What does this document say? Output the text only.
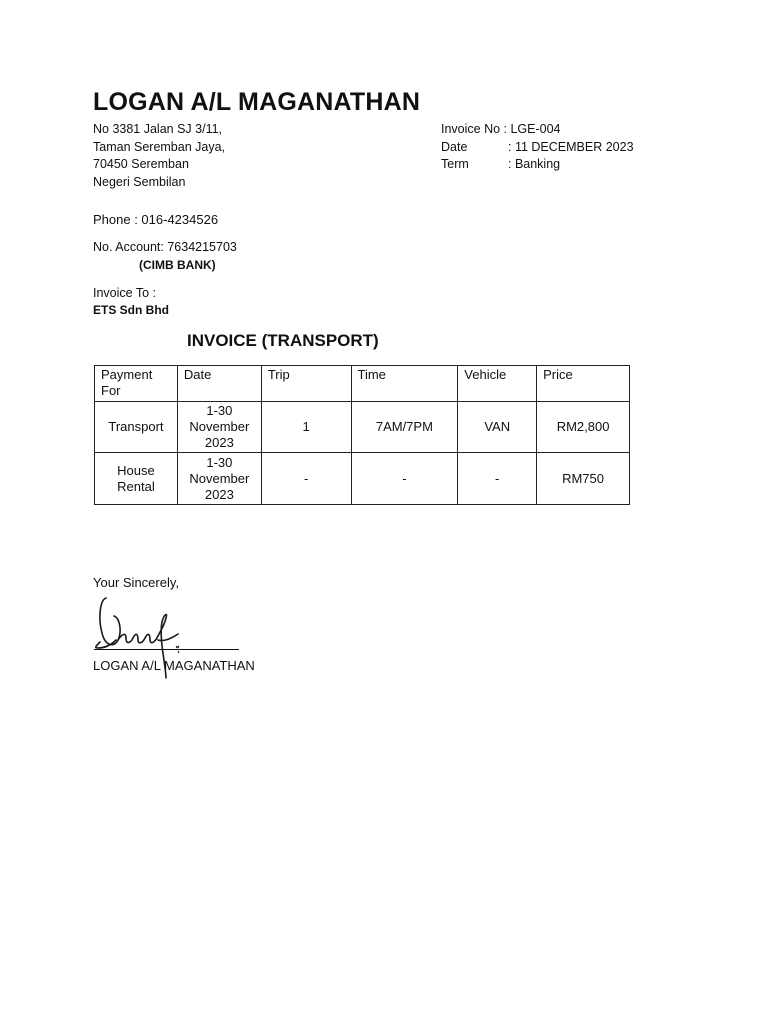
LOGAN A/L MAGANATHAN
No 3381 Jalan SJ 3/11,
Taman Seremban Jaya,
70450 Seremban
Negeri Sembilan
Invoice No : LGE-004
Date	: 11 DECEMBER 2023
Term	: Banking
Phone : 016-4234526
No. Account: 7634215703
(CIMB BANK)
Invoice To :
ETS Sdn Bhd
INVOICE (TRANSPORT)
Payment For	Date	Trip	Time	Vehicle	Price
Transport	1-30
November
2023	1	7AM/7PM	VAN	RM2,800
House Rental	1-30
November
2023	-	-	-	RM750
Your Sincerely,
LOGAN A/L MAGANATHAN
